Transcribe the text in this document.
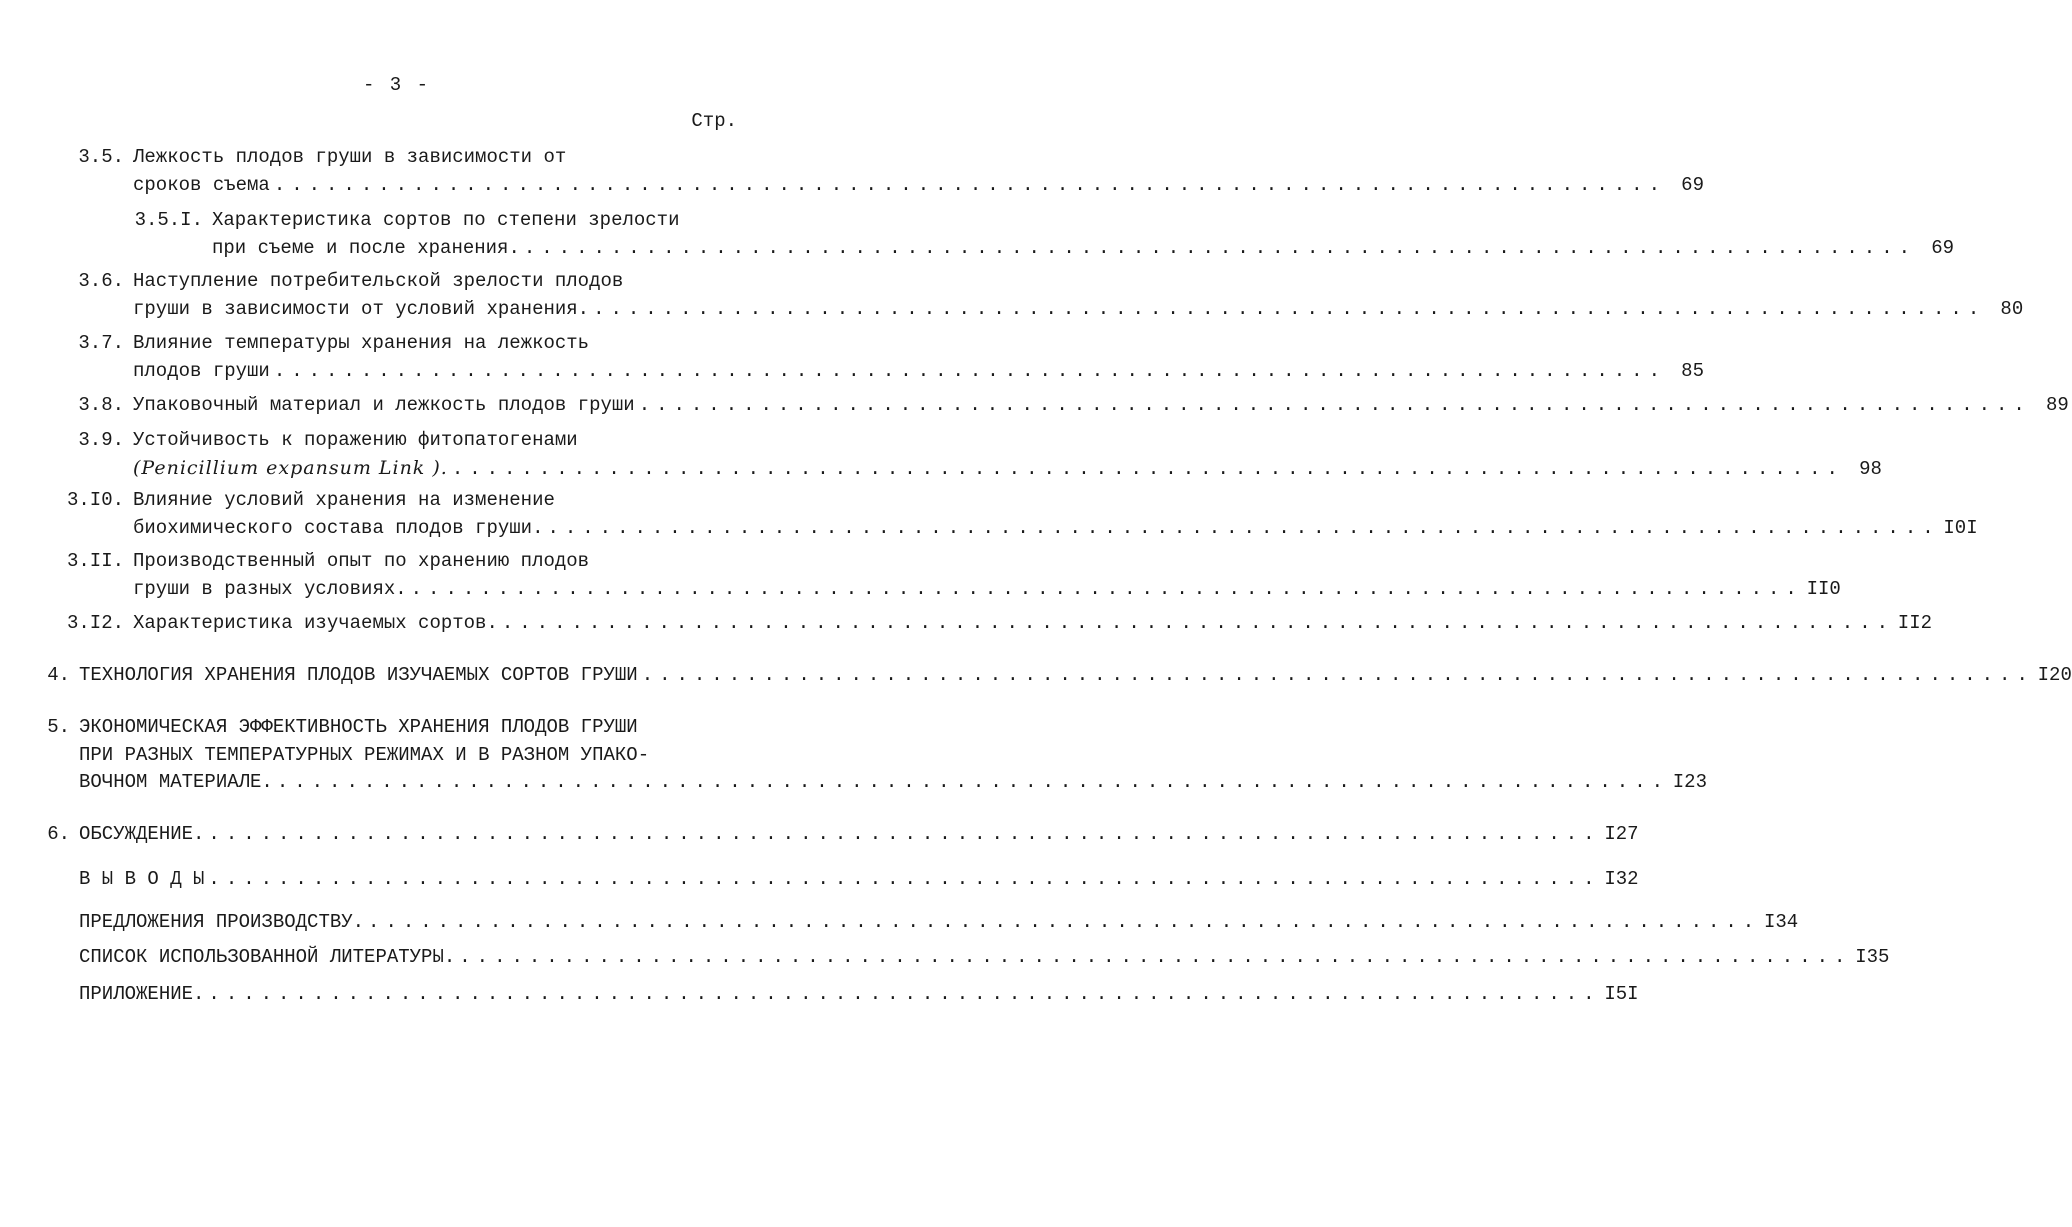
- 3 -
Стр.
3.5. Лежкость плодов груши в зависимости от
сроков съема ................................................................................ 69
3.5.I. Характеристика сортов по степени зрелости
при съеме и после хранения. ................................................................................ 69
3.6. Наступление потребительской зрелости плодов
груши в зависимости от условий хранения. ................................................................................ 80
3.7. Влияние температуры хранения на лежкость
плодов груши ................................................................................ 85
3.8. Упаковочный материал и лежкость плодов груши ................................................................................ 89
3.9. Устойчивость к поражению фитопатогенами
(Penicillium expansum Link ). ................................................................................ 98
3.I0. Влияние условий хранения на изменение
биохимического состава плодов груши. ................................................................................ I0I
3.II. Производственный опыт по хранению плодов
груши в разных условиях. ................................................................................ II0
3.I2. Характеристика изучаемых сортов. ................................................................................ II2
4. ТЕХНОЛОГИЯ ХРАНЕНИЯ ПЛОДОВ ИЗУЧАЕМЫХ СОРТОВ ГРУШИ ................................................................................ I20
5. ЭКОНОМИЧЕСКАЯ ЭФФЕКТИВНОСТЬ ХРАНЕНИЯ ПЛОДОВ ГРУШИ
ПРИ РАЗНЫХ ТЕМПЕРАТУРНЫХ РЕЖИМАХ И В РАЗНОМ УПАКО-
ВОЧНОМ МАТЕРИАЛЕ. ................................................................................ I23
6. ОБСУЖДЕНИЕ. ................................................................................ I27
В Ы В О Д Ы ................................................................................ I32
ПРЕДЛОЖЕНИЯ ПРОИЗВОДСТВУ. ................................................................................ I34
СПИСОК ИСПОЛЬЗОВАННОЙ ЛИТЕРАТУРЫ. ................................................................................ I35
ПРИЛОЖЕНИЕ. ................................................................................ I5I
